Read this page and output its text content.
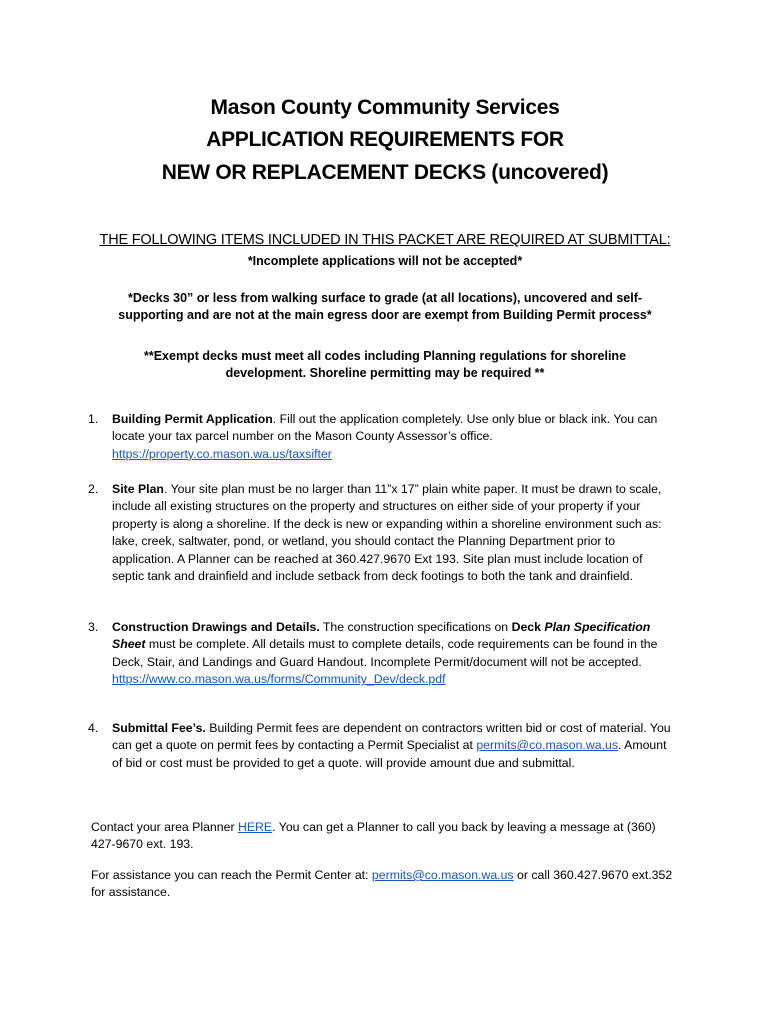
Mason County Community Services
APPLICATION REQUIREMENTS FOR
NEW OR REPLACEMENT DECKS (uncovered)
THE FOLLOWING ITEMS INCLUDED IN THIS PACKET ARE REQUIRED AT SUBMITTAL:
*Incomplete applications will not be accepted*
*Decks 30” or less from walking surface to grade (at all locations), uncovered and self-
supporting and are not at the main egress door are exempt from Building Permit process*
**Exempt decks must meet all codes including Planning regulations for shoreline
development. Shoreline permitting may be required **
1. Building Permit Application. Fill out the application completely. Use only blue or black ink. You can locate your tax parcel number on the Mason County Assessor’s office. https://property.co.mason.wa.us/taxsifter
2. Site Plan. Your site plan must be no larger than 11”x 17” plain white paper. It must be drawn to scale, include all existing structures on the property and structures on either side of your property if your property is along a shoreline. If the deck is new or expanding within a shoreline environment such as: lake, creek, saltwater, pond, or wetland, you should contact the Planning Department prior to application. A Planner can be reached at 360.427.9670 Ext 193. Site plan must include location of septic tank and drainfield and include setback from deck footings to both the tank and drainfield.
3. Construction Drawings and Details. The construction specifications on Deck Plan Specification Sheet must be complete. All details must to complete details, code requirements can be found in the Deck, Stair, and Landings and Guard Handout. Incomplete Permit/document will not be accepted. https://www.co.mason.wa.us/forms/Community_Dev/deck.pdf
4. Submittal Fee’s. Building Permit fees are dependent on contractors written bid or cost of material. You can get a quote on permit fees by contacting a Permit Specialist at permits@co.mason.wa.us. Amount of bid or cost must be provided to get a quote. will provide amount due and submittal.
Contact your area Planner HERE. You can get a Planner to call you back by leaving a message at (360) 427-9670 ext. 193.
For assistance you can reach the Permit Center at: permits@co.mason.wa.us or call 360.427.9670 ext.352 for assistance.
